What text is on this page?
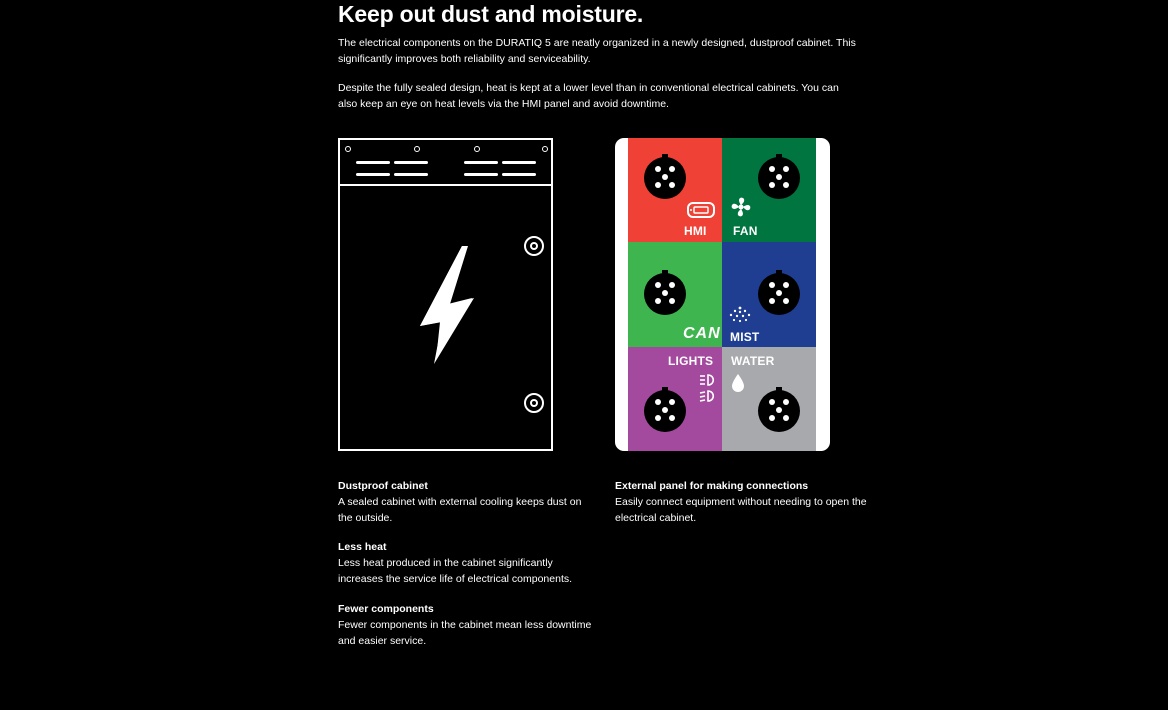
Keep out dust and moisture.

The electrical components on the DURATIQ 5 are neatly organized in a newly designed, dustproof cabinet. This significantly improves both reliability and serviceability.

Despite the fully sealed design, heat is kept at a lower level than in conventional electrical cabinets. You can also keep an eye on heat levels via the HMI panel and avoid downtime.

HMI FAN
CAN MIST
LIGHTS WATER
Dustproof cabinet
A sealed cabinet with external cooling keeps dust on the outside.
Less heat
Less heat produced in the cabinet significantly increases the service life of electrical components.
Fewer components
Fewer components in the cabinet mean less downtime and easier service.
External panel for making connections
Easily connect equipment without needing to open the electrical cabinet.
